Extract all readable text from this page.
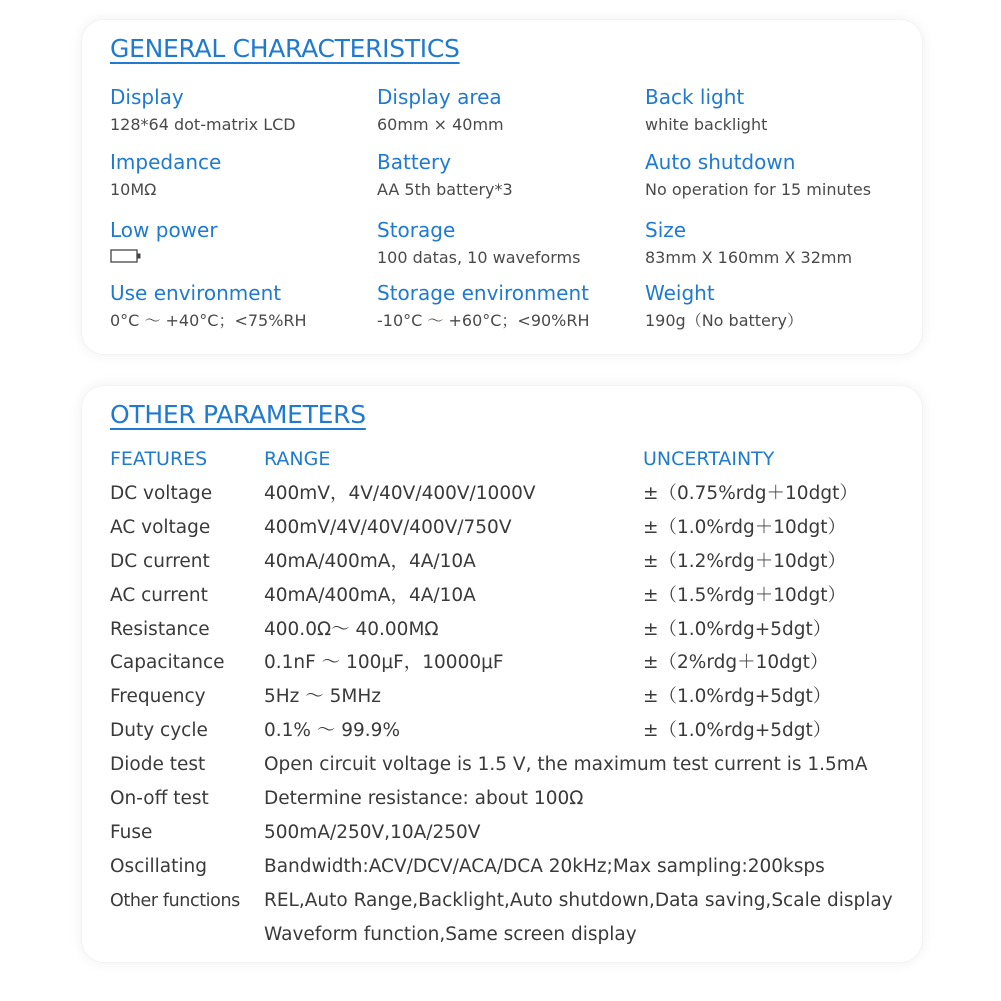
GENERAL CHARACTERISTICS
Display
128*64 dot-matrix LCD
Display area
60mm × 40mm
Back light
white backlight
Impedance
10MΩ
Battery
AA 5th battery*3
Auto shutdown
No operation for 15 minutes
Low power	Storage
100 datas, 10 waveforms
Size
83mm X 160mm X 32mm
Use environment
0°C ～ +40°C；<75%RH
Storage environment
-10°C ～ +60°C；<90%RH
Weight
190g（No battery）
OTHER PARAMETERS
FEATURES	RANGE	UNCERTAINTY
DC voltage	400mV，4V/40V/400V/1000V	±（0.75%rdg＋10dgt）
AC voltage	400mV/4V/40V/400V/750V	±（1.0%rdg＋10dgt）
DC current	40mA/400mA，4A/10A	±（1.2%rdg＋10dgt）
AC current	40mA/400mA，4A/10A	±（1.5%rdg＋10dgt）
Resistance	400.0Ω～ 40.00MΩ	±（1.0%rdg+5dgt）
Capacitance 0.1nF ～ 100μF，10000μF	±（2%rdg＋10dgt）
Frequency	5Hz ～ 5MHz	±（1.0%rdg+5dgt）
Duty cycle	0.1% ～ 99.9%	±（1.0%rdg+5dgt）
Diode test	Open circuit voltage is 1.5 V, the maximum test current is 1.5mA
On-off test	Determine resistance: about 100Ω
Fuse	500mA/250V,10A/250V
Oscillating	Bandwidth:ACV/DCV/ACA/DCA 20kHz;Max sampling:200ksps
Other functions REL,Auto Range,Backlight,Auto shutdown,Data saving,Scale display
Waveform function,Same screen display
